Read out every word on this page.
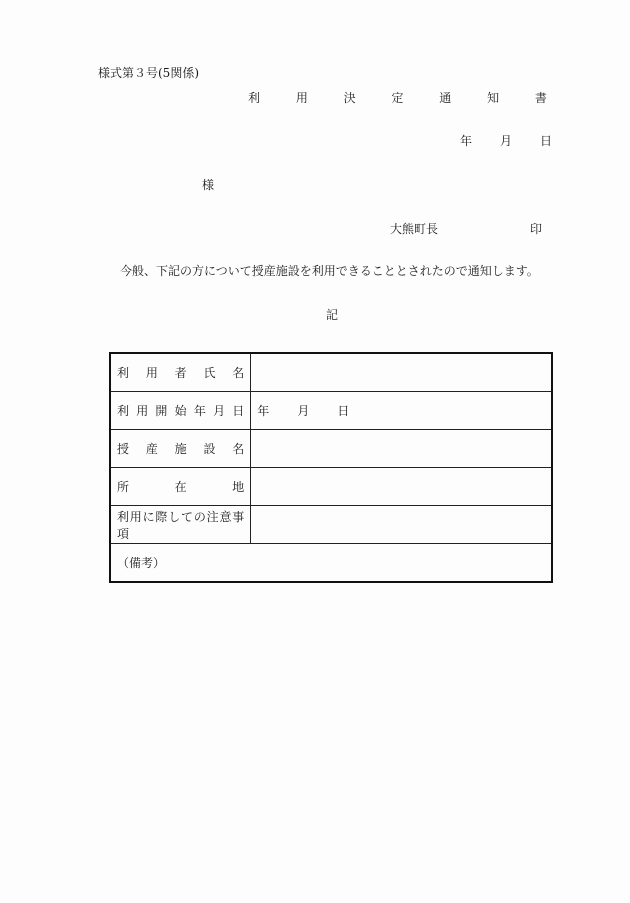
様式第３号(5関係)
利 用 決 定 通 知 書
年 月 日
様
大熊町長	印
今般、下記の方について授産施設を利用できることとされたので通知します。
記
利　用　者　氏　名	
利用開始年月日	年 月 日
授　産　施　設　名	
所　　　在　　　地	
利用に際しての注意事項	
（備考）	
